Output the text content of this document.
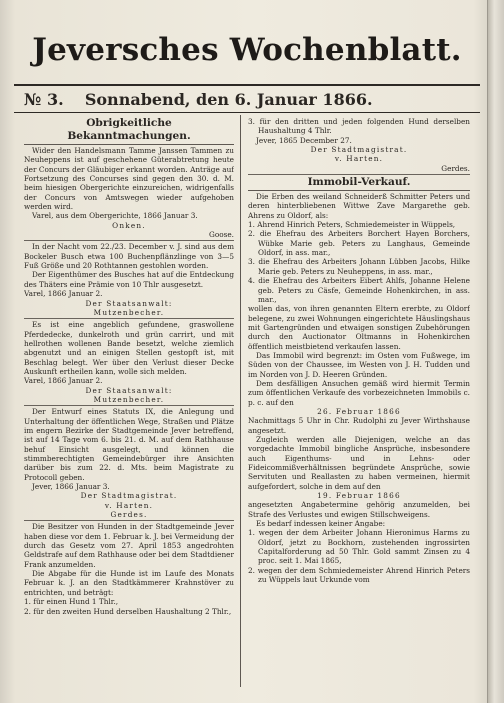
Jeversches Wochenblatt.
№ 3. Sonnabend, den 6. Januar 1866.
Obrigkeitliche Bekanntmachungen.

Wider den Handelsmann Tamme Janssen Tammen zu Neuheppens ist auf geschehene Güterabtretung heute der Concurs der Gläubiger erkannt worden. Anträge auf Fortsetzung des Concurses sind gegen den 30. d. M. beim hiesigen Obergerichte einzureichen, widrigenfalls der Concurs von Amtswegen wieder aufgehoben werden wird.

Varel, aus dem Obergerichte, 1866 Januar 3.

Onken.

Goose.

In der Nacht vom 22./23. December v. J. sind aus dem Bockeler Busch etwa 100 Buchenpflänzlinge von 3—5 Fuß Größe und 20 Rothtannen gestohlen worden.

Der Eigenthümer des Busches hat auf die Entdeckung des Thäters eine Prämie von 10 Thlr ausgesetzt.

Varel, 1866 Januar 2.

Der Staatsanwalt:

Mutzenbecher.

Es ist eine angeblich gefundene, graswollene Pferdedecke, dunkelroth und grün carrirt, und mit hellrothen wollenen Bande besetzt, welche ziemlich abgenutzt und an einigen Stellen gestopft ist, mit Beschlag belegt. Wer über den Verlust dieser Decke Auskunft ertheilen kann, wolle sich melden.

Varel, 1866 Januar 2.

Der Staatsanwalt:

Mutzenbecher.

Der Entwurf eines Statuts IX, die Anlegung und Unterhaltung der öffentlichen Wege, Straßen und Plätze im engern Bezirke der Stadtgemeinde Jever betreffend, ist auf 14 Tage vom 6. bis 21. d. M. auf dem Rathhause behuf Einsicht ausgelegt, und können die stimmberechtigten Gemeindebürger ihre Ansichten darüber bis zum 22. d. Mts. beim Magistrate zu Protocoll geben.

Jever, 1866 Januar 3.

Der Stadtmagistrat.

v. Harten.

Gerdes.

Die Besitzer von Hunden in der Stadtgemeinde Jever haben diese vor dem 1. Februar k. J. bei Vermeidung der durch das Gesetz vom 27. April 1853 angedrohten Geldstrafe auf dem Rathhause oder bei dem Stadtdiener Frank anzumelden.

Die Abgabe für die Hunde ist im Laufe des Monats Februar k. J. an den Stadtkämmerer Krahnstöver zu entrichten, und beträgt:

1. für einen Hund 1 Thlr.,

2. für den zweiten Hund derselben Haushaltung 2 Thlr.,

3. für den dritten und jeden folgenden Hund derselben Haushaltung 4 Thlr.

Jever, 1865 December 27.

Der Stadtmagistrat.

v. Harten.

Gerdes.

Immobil-Verkauf.

Die Erben des weiland Schneiderß Schmitter Peters und deren hinterbliebenen Wittwe Zave Margarethe geb. Ahrens zu Oldorf, als:

1. Ahrend Hinrich Peters, Schmiedemeister in Wüppels,

2. die Ehefrau des Arbeiters Borchert Hayen Borchers, Wübke Marie geb. Peters zu Langhaus, Gemeinde Oldorf, in ass. mar.,

3. die Ehefrau des Arbeiters Johann Lübben Jacobs, Hilke Marie geb. Peters zu Neuheppens, in ass. mar.,

4. die Ehefrau des Arbeiters Eibert Ahlfs, Johanne Helene geb. Peters zu Cäsfe, Gemeinde Hohenkirchen, in ass. mar.,

wollen das, von ihren genannten Eltern ererbte, zu Oldorf belegene, zu zwei Wohnungen eingerichtete Häuslingshaus mit Gartengründen und etwaigen sonstigen Zubehörungen durch den Auctionator Oltmanns in Hohenkirchen öffentlich meistbietend verkaufen lassen.

Das Immobil wird begrenzt: im Osten vom Fußwege, im Süden von der Chaussee, im Westen von J. H. Tudden und im Norden von J. D. Heeren Gründen.

Dem desfälligen Ansuchen gemäß wird hiermit Termin zum öffentlichen Verkaufe des vorbezeichneten Immobils c. p. c. auf den

26. Februar 1866

Nachmittags 5 Uhr in Chr. Rudolphi zu Jever Wirthshause angesetzt.

Zugleich werden alle Diejenigen, welche an das vorgedachte Immobil bingliche Ansprüche, insbesondere auch Eigenthums- und in Lehns- oder Fideicommißverhältnissen begründete Ansprüche, sowie Servituten und Reallasten zu haben vermeinen, hiermit aufgefordert, solche in dem auf den

19. Februar 1866

angesetzten Angabetermine gehörig anzumelden, bei Strafe des Verlustes und ewigen Stillschweigens.

Es bedarf indessen keiner Angabe:

1. wegen der dem Arbeiter Johann Hieronimus Harms zu Oldorf, jetzt zu Bockhorn, zustehenden ingrossirten Capitalforderung ad 50 Thlr. Gold sammt Zinsen zu 4 proc. seit 1. Mai 1865,

2. wegen der dem Schmiedemeister Ahrend Hinrich Peters zu Wüppels laut Urkunde vom
